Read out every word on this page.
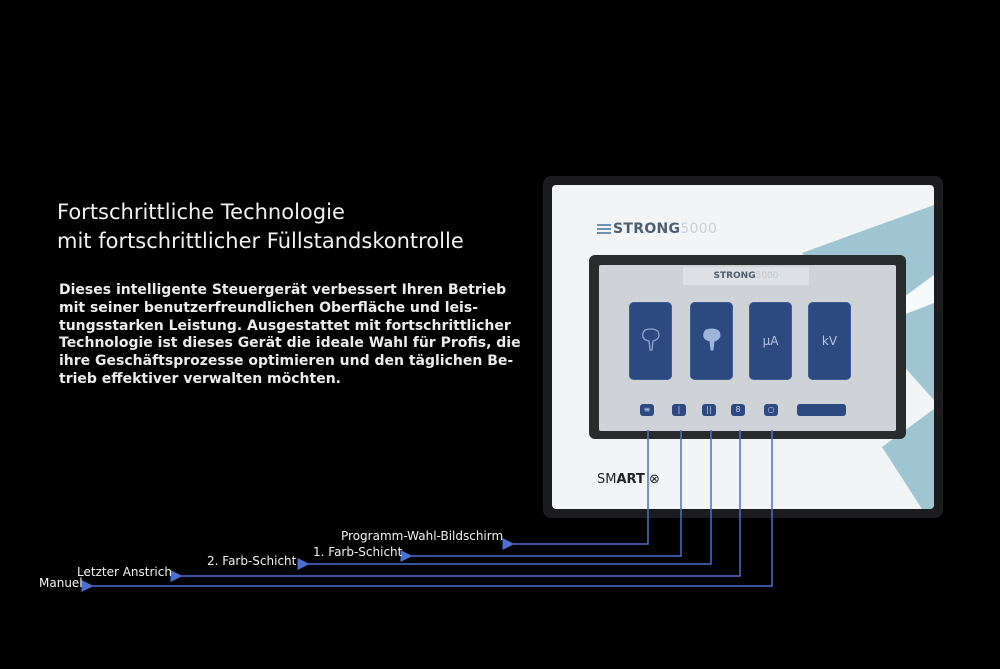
Fortschrittliche Technologie
mit fortschrittlicher Füllstandskontrolle

Dieses intelligente Steuergerät verbessert Ihren Betrieb
mit seiner benutzerfreundlichen Oberfläche und leis-
tungsstarken Leistung. Ausgestattet mit fortschrittlicher
Technologie ist dieses Gerät die ideale Wahl für Profis, die
ihre Geschäftsprozesse optimieren und den täglichen Be-
trieb effektiver verwalten möchten.

STRONG 5000
STRONG 5000
µA	kV
≡	|	||	8	○
SMART ⊗
Programm-Wahl-Bildschirm
1. Farb-Schicht
2. Farb-Schicht
Letzter Anstrich
Manuel
